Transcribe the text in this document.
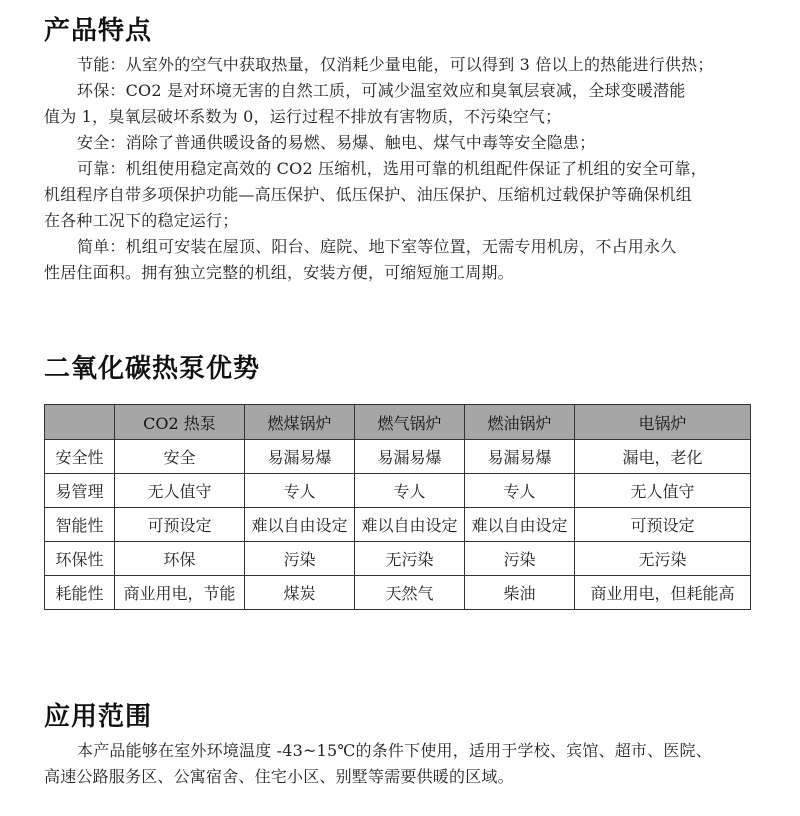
产品特点
节能：从室外的空气中获取热量，仅消耗少量电能，可以得到 3 倍以上的热能进行供热；
环保：CO2 是对环境无害的自然工质，可减少温室效应和臭氧层衰减，全球变暖潜能
值为 1，臭氧层破坏系数为 0，运行过程不排放有害物质，不污染空气；
安全：消除了普通供暖设备的易燃、易爆、触电、煤气中毒等安全隐患；
可靠：机组使用稳定高效的 CO2 压缩机，选用可靠的机组配件保证了机组的安全可靠，
机组程序自带多项保护功能—高压保护、低压保护、油压保护、压缩机过载保护等确保机组
在各种工况下的稳定运行；
简单：机组可安装在屋顶、阳台、庭院、地下室等位置，无需专用机房，不占用永久
性居住面积。拥有独立完整的机组，安装方便，可缩短施工周期。
二氧化碳热泵优势
	CO2 热泵	燃煤锅炉	燃气锅炉	燃油锅炉	电锅炉
安全性	安全	易漏易爆	易漏易爆	易漏易爆	漏电，老化
易管理	无人值守	专人	专人	专人	无人值守
智能性	可预设定	难以自由设定	难以自由设定	难以自由设定	可预设定
环保性	环保	污染	无污染	污染	无污染
耗能性	商业用电，节能	煤炭	天然气	柴油	商业用电，但耗能高
应用范围
本产品能够在室外环境温度 -43~15℃的条件下使用，适用于学校、宾馆、超市、医院、
高速公路服务区、公寓宿舍、住宅小区、别墅等需要供暖的区域。
